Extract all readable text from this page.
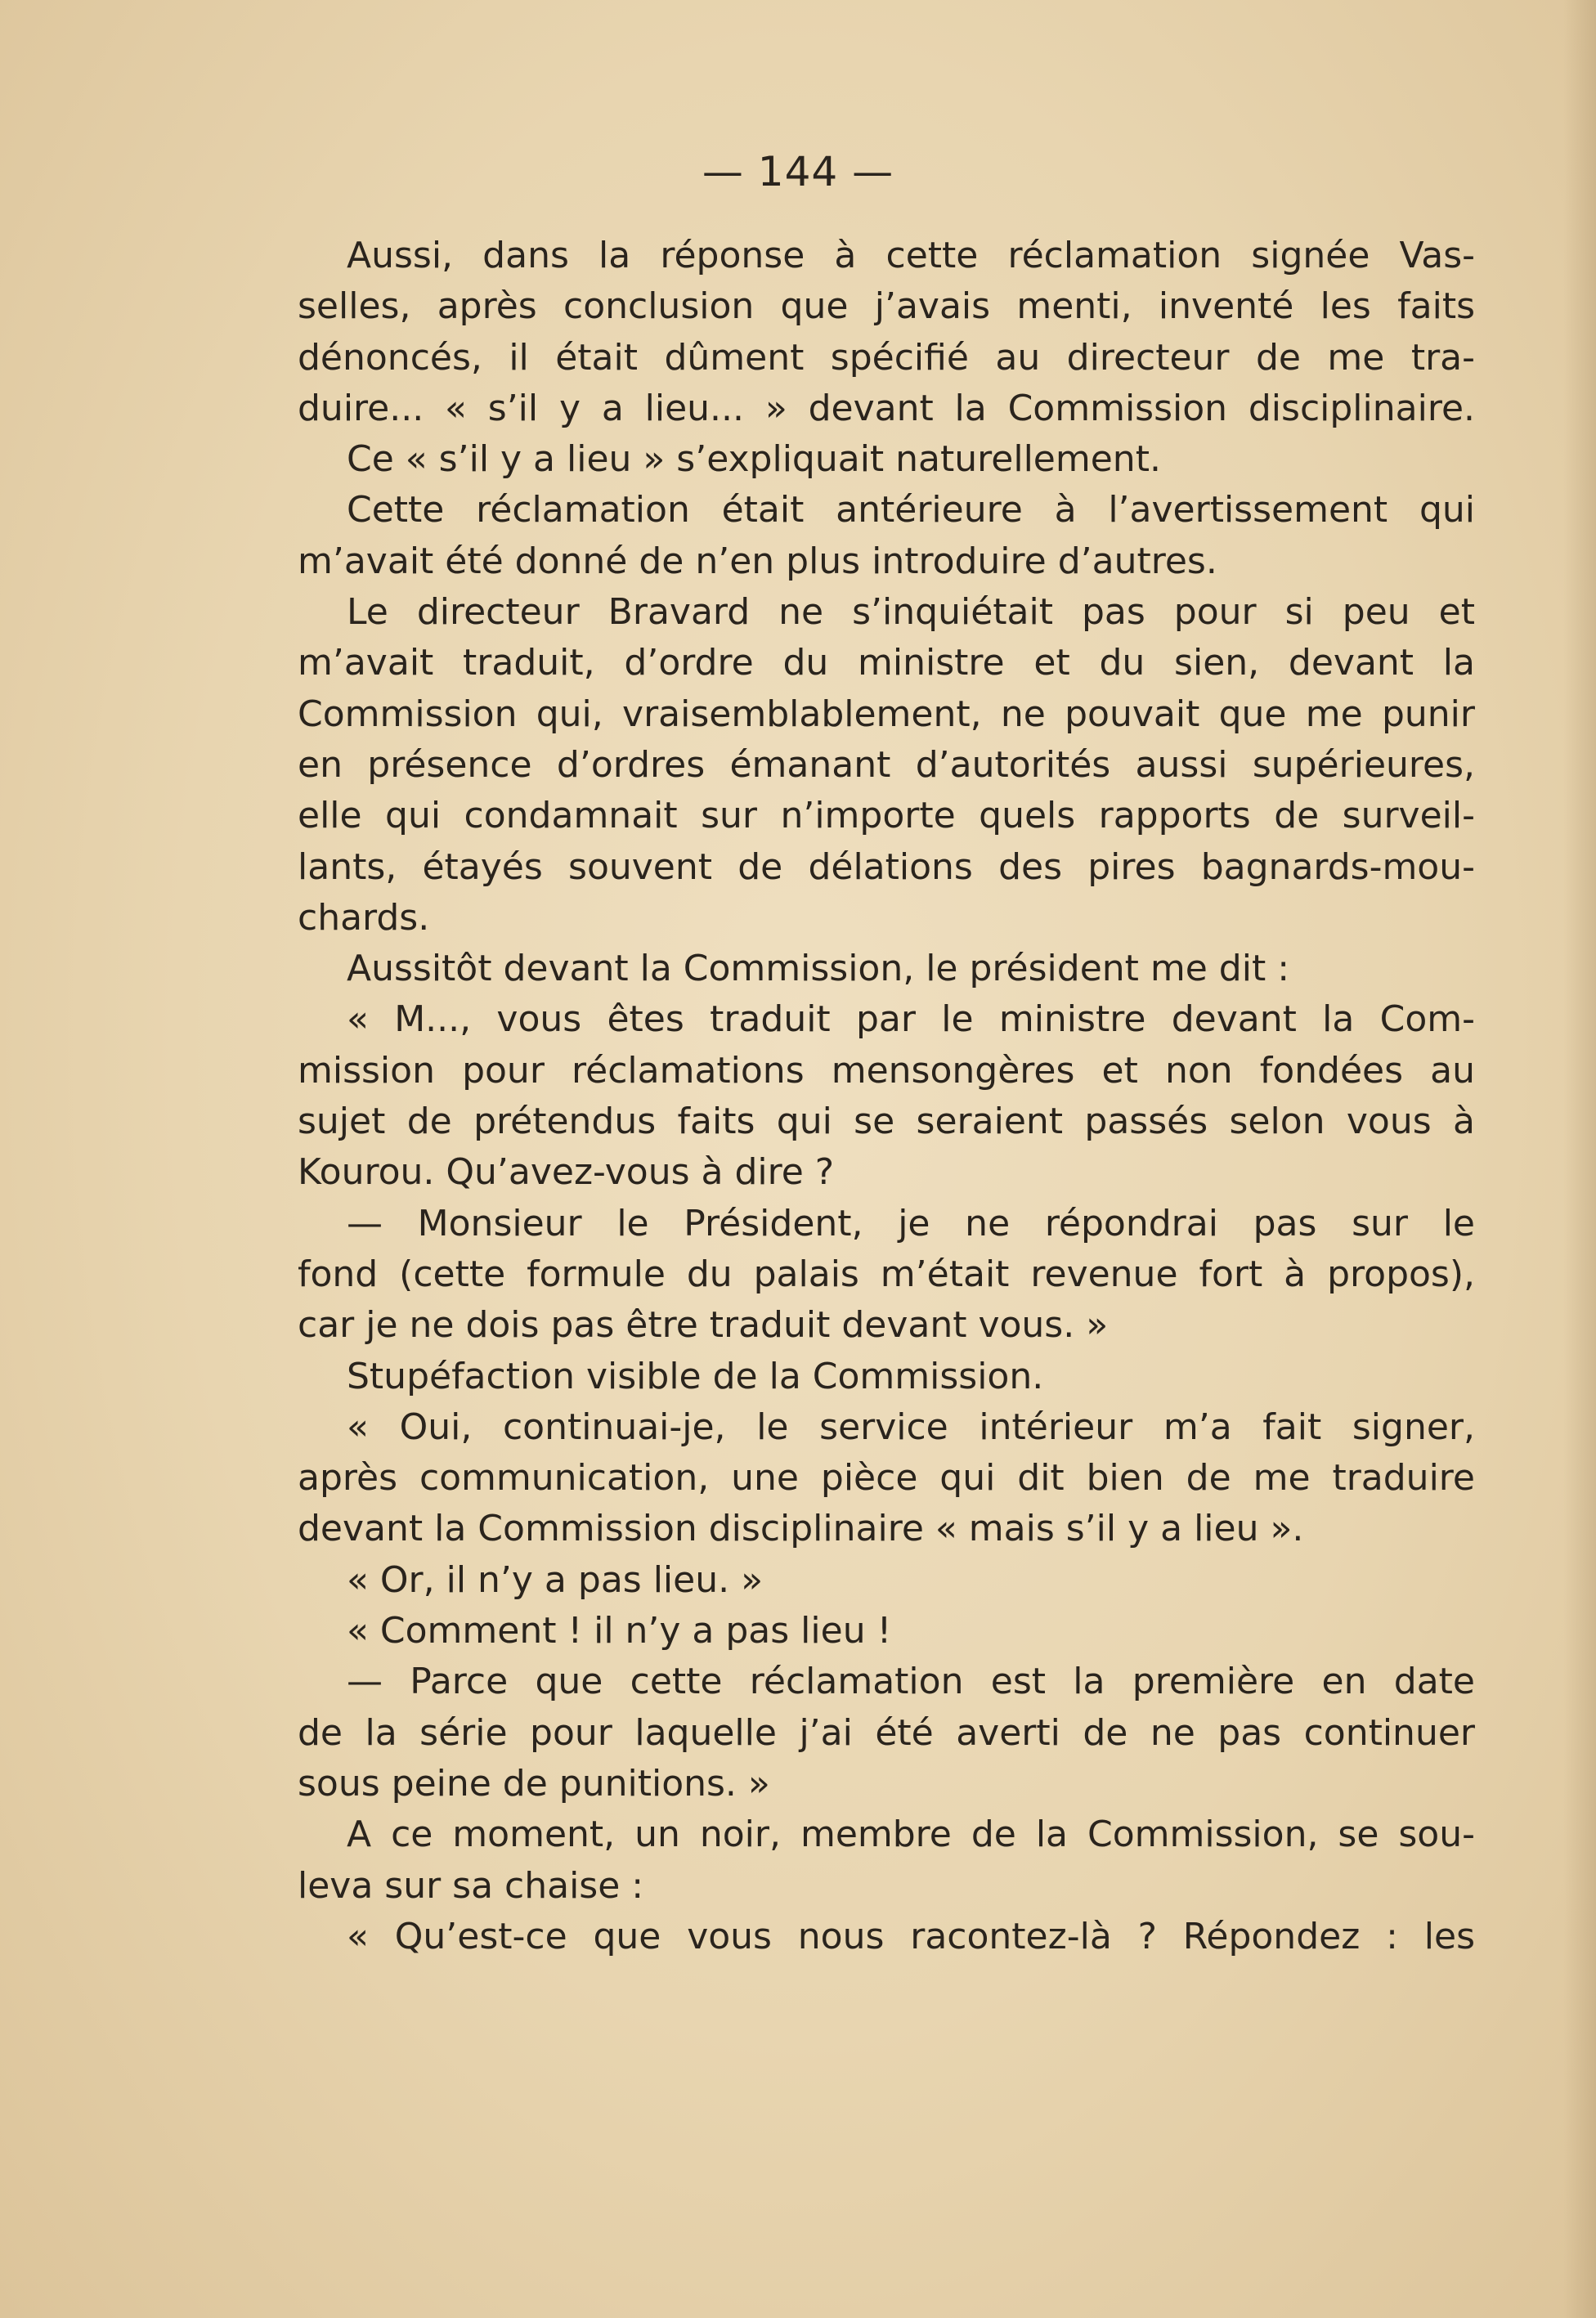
— 144 —
Aussi, dans la réponse à cette réclamation signée Vas-
selles, après conclusion que j’avais menti, inventé les faits
dénoncés, il était dûment spécifié au directeur de me tra-
duire... « s’il y a lieu... » devant la Commission disciplinaire.
Ce « s’il y a lieu » s’expliquait naturellement.
Cette réclamation était antérieure à l’avertissement qui
m’avait été donné de n’en plus introduire d’autres.
Le directeur Bravard ne s’inquiétait pas pour si peu et
m’avait traduit, d’ordre du ministre et du sien, devant la
Commission qui, vraisemblablement, ne pouvait que me punir
en présence d’ordres émanant d’autorités aussi supérieures,
elle qui condamnait sur n’importe quels rapports de surveil-
lants, étayés souvent de délations des pires bagnards-mou-
chards.
Aussitôt devant la Commission, le président me dit :
« M..., vous êtes traduit par le ministre devant la Com-
mission pour réclamations mensongères et non fondées au
sujet de prétendus faits qui se seraient passés selon vous à
Kourou. Qu’avez-vous à dire ?
— Monsieur le Président, je ne répondrai pas sur le
fond (cette formule du palais m’était revenue fort à propos),
car je ne dois pas être traduit devant vous. »
Stupéfaction visible de la Commission.
« Oui, continuai-je, le service intérieur m’a fait signer,
après communication, une pièce qui dit bien de me traduire
devant la Commission disciplinaire « mais s’il y a lieu ».
« Or, il n’y a pas lieu. »
« Comment ! il n’y a pas lieu !
— Parce que cette réclamation est la première en date
de la série pour laquelle j’ai été averti de ne pas continuer
sous peine de punitions. »
A ce moment, un noir, membre de la Commission, se sou-
leva sur sa chaise :
« Qu’est-ce que vous nous racontez-là ? Répondez : les
